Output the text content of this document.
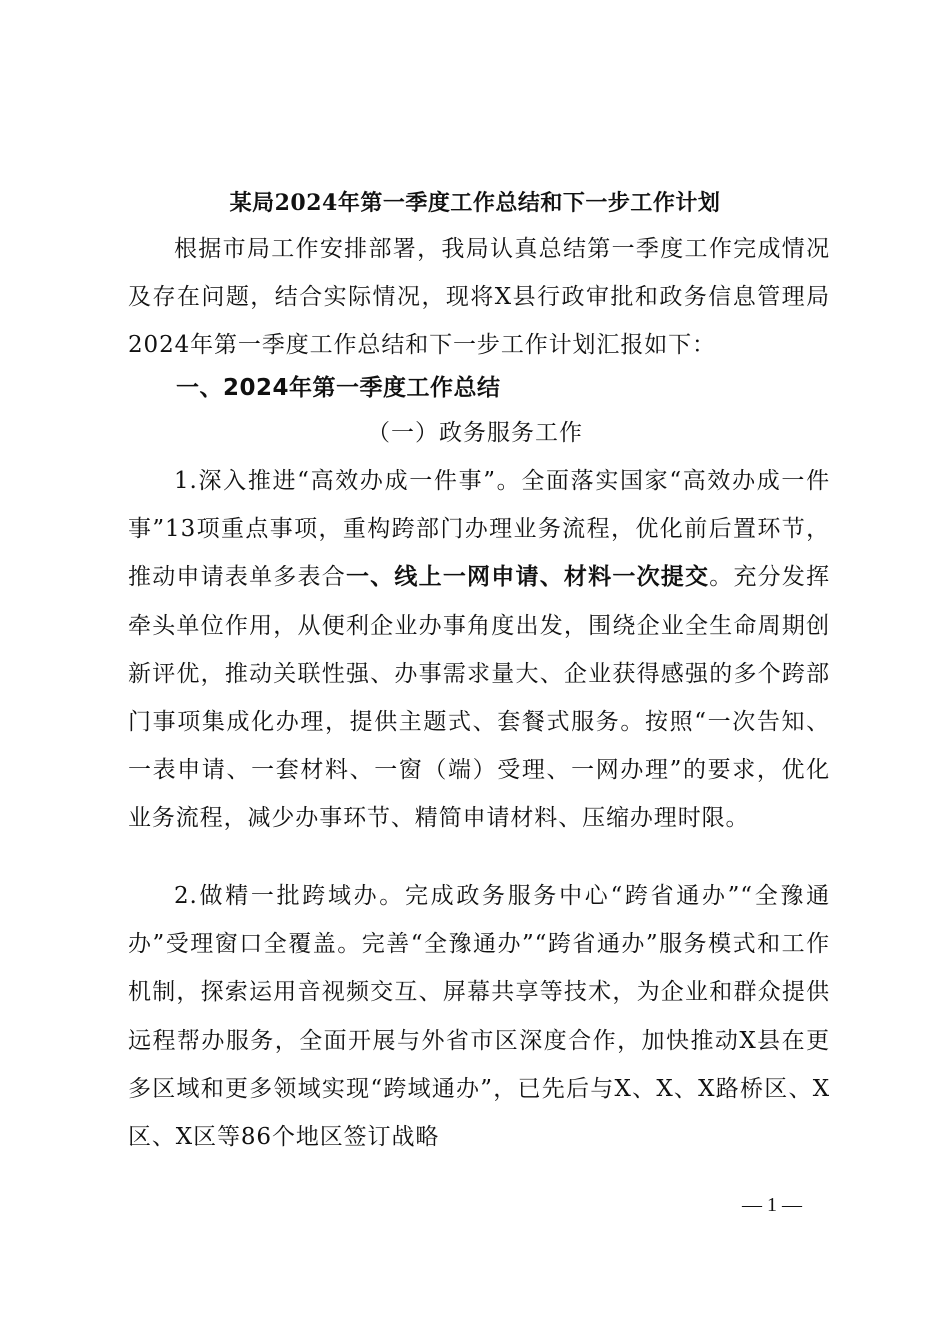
某局2024年第一季度工作总结和下一步工作计划

根据市局工作安排部署，我局认真总结第一季度工作完成情况及存在问题，结合实际情况，现将X县行政审批和政务信息管理局2024年第一季度工作总结和下一步工作计划汇报如下：

一、2024年第一季度工作总结
（一）政务服务工作

1.深入推进“高效办成一件事”。全面落实国家“高效办成一件事”13项重点事项，重构跨部门办理业务流程，优化前后置环节，推动申请表单多表合一、线上一网申请、材料一次提交。充分发挥牵头单位作用，从便利企业办事角度出发，围绕企业全生命周期创新评优，推动关联性强、办事需求量大、企业获得感强的多个跨部门事项集成化办理，提供主题式、套餐式服务。按照“一次告知、一表申请、一套材料、一窗（端）受理、一网办理”的要求，优化业务流程，减少办事环节、精简申请材料、压缩办理时限。

2.做精一批跨域办。完成政务服务中心“跨省通办”“全豫通办”受理窗口全覆盖。完善“全豫通办”“跨省通办”服务模式和工作机制，探索运用音视频交互、屏幕共享等技术，为企业和群众提供远程帮办服务，全面开展与外省市区深度合作，加快推动X县在更多区域和更多领域实现“跨域通办”，已先后与X、X、X路桥区、X区、X区等86个地区签订战略

— 1 —
